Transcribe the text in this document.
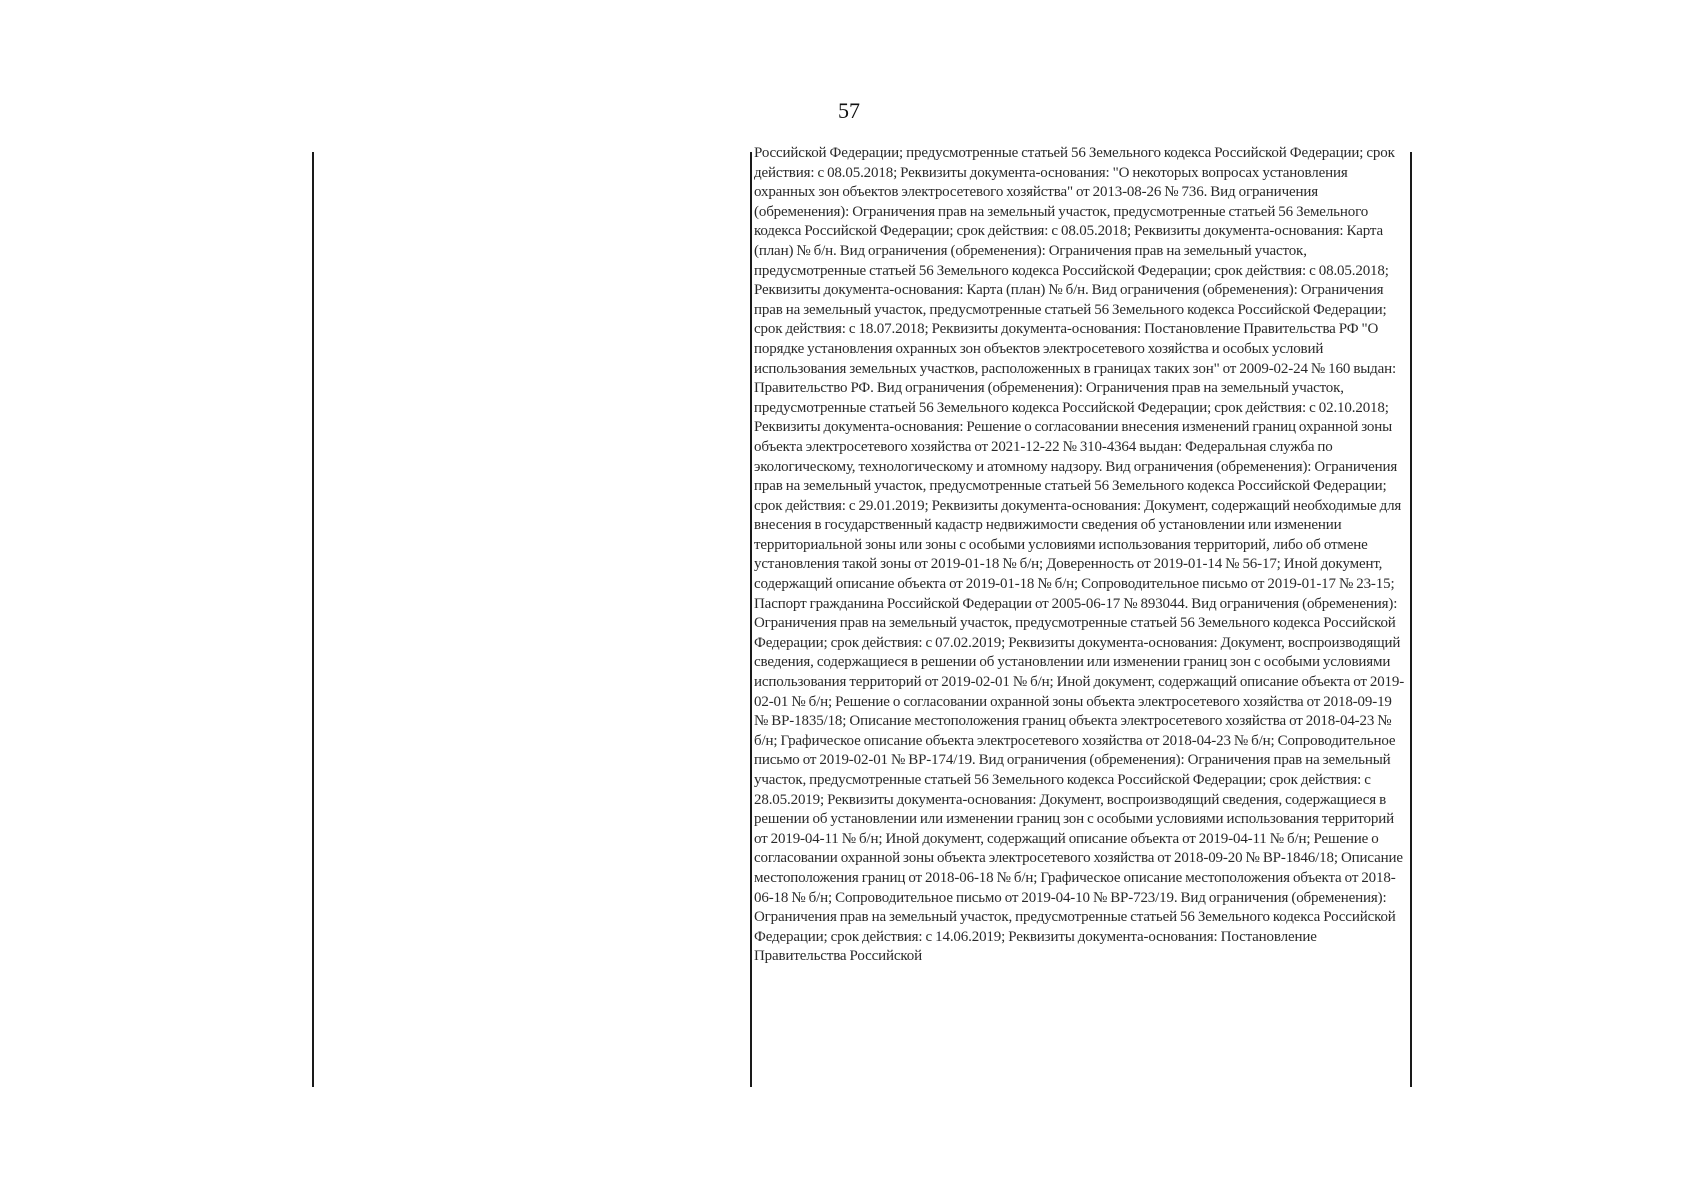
57

Российской Федерации; предусмотренные статьей 56 Земельного кодекса Российской Федерации; срок действия: с 08.05.2018; Реквизиты документа-основания: "О некоторых вопросах установления охранных зон объектов электросетевого хозяйства" от 2013-08-26 № 736. Вид ограничения (обременения): Ограничения прав на земельный участок, предусмотренные статьей 56 Земельного кодекса Российской Федерации; срок действия: с 08.05.2018; Реквизиты документа-основания: Карта (план) № б/н. Вид ограничения (обременения): Ограничения прав на земельный участок, предусмотренные статьей 56 Земельного кодекса Российской Федерации; срок действия: с 08.05.2018; Реквизиты документа-основания: Карта (план) № б/н. Вид ограничения (обременения): Ограничения прав на земельный участок, предусмотренные статьей 56 Земельного кодекса Российской Федерации; срок действия: с 18.07.2018; Реквизиты документа-основания: Постановление Правительства РФ "О порядке установления охранных зон объектов электросетевого хозяйства и особых условий использования земельных участков, расположенных в границах таких зон" от 2009-02-24 № 160 выдан: Правительство РФ. Вид ограничения (обременения): Ограничения прав на земельный участок, предусмотренные статьей 56 Земельного кодекса Российской Федерации; срок действия: с 02.10.2018; Реквизиты документа-основания: Решение о согласовании внесения изменений границ охранной зоны объекта электросетевого хозяйства от 2021-12-22 № 310-4364 выдан: Федеральная служба по экологическому, технологическому и атомному надзору. Вид ограничения (обременения): Ограничения прав на земельный участок, предусмотренные статьей 56 Земельного кодекса Российской Федерации; срок действия: с 29.01.2019; Реквизиты документа-основания: Документ, содержащий необходимые для внесения в государственный кадастр недвижимости сведения об установлении или изменении территориальной зоны или зоны с особыми условиями использования территорий, либо об отмене установления такой зоны от 2019-01-18 № б/н; Доверенность от 2019-01-14 № 56-17; Иной документ, содержащий описание объекта от 2019-01-18 № б/н; Сопроводительное письмо от 2019-01-17 № 23-15; Паспорт гражданина Российской Федерации от 2005-06-17 № 893044. Вид ограничения (обременения): Ограничения прав на земельный участок, предусмотренные статьей 56 Земельного кодекса Российской Федерации; срок действия: с 07.02.2019; Реквизиты документа-основания: Документ, воспроизводящий сведения, содержащиеся в решении об установлении или изменении границ зон с особыми условиями использования территорий от 2019-02-01 № б/н; Иной документ, содержащий описание объекта от 2019-02-01 № б/н; Решение о согласовании охранной зоны объекта электросетевого хозяйства от 2018-09-19 № ВР-1835/18; Описание местоположения границ объекта электросетевого хозяйства от 2018-04-23 № б/н; Графическое описание объекта электросетевого хозяйства от 2018-04-23 № б/н; Сопроводительное письмо от 2019-02-01 № ВР-174/19. Вид ограничения (обременения): Ограничения прав на земельный участок, предусмотренные статьей 56 Земельного кодекса Российской Федерации; срок действия: с 28.05.2019; Реквизиты документа-основания: Документ, воспроизводящий сведения, содержащиеся в решении об установлении или изменении границ зон с особыми условиями использования территорий от 2019-04-11 № б/н; Иной документ, содержащий описание объекта от 2019-04-11 № б/н; Решение о согласовании охранной зоны объекта электросетевого хозяйства от 2018-09-20 № ВР-1846/18; Описание местоположения границ от 2018-06-18 № б/н; Графическое описание местоположения объекта от 2018-06-18 № б/н; Сопроводительное письмо от 2019-04-10 № ВР-723/19. Вид ограничения (обременения): Ограничения прав на земельный участок, предусмотренные статьей 56 Земельного кодекса Российской Федерации; срок действия: с 14.06.2019; Реквизиты документа-основания: Постановление Правительства Российской
